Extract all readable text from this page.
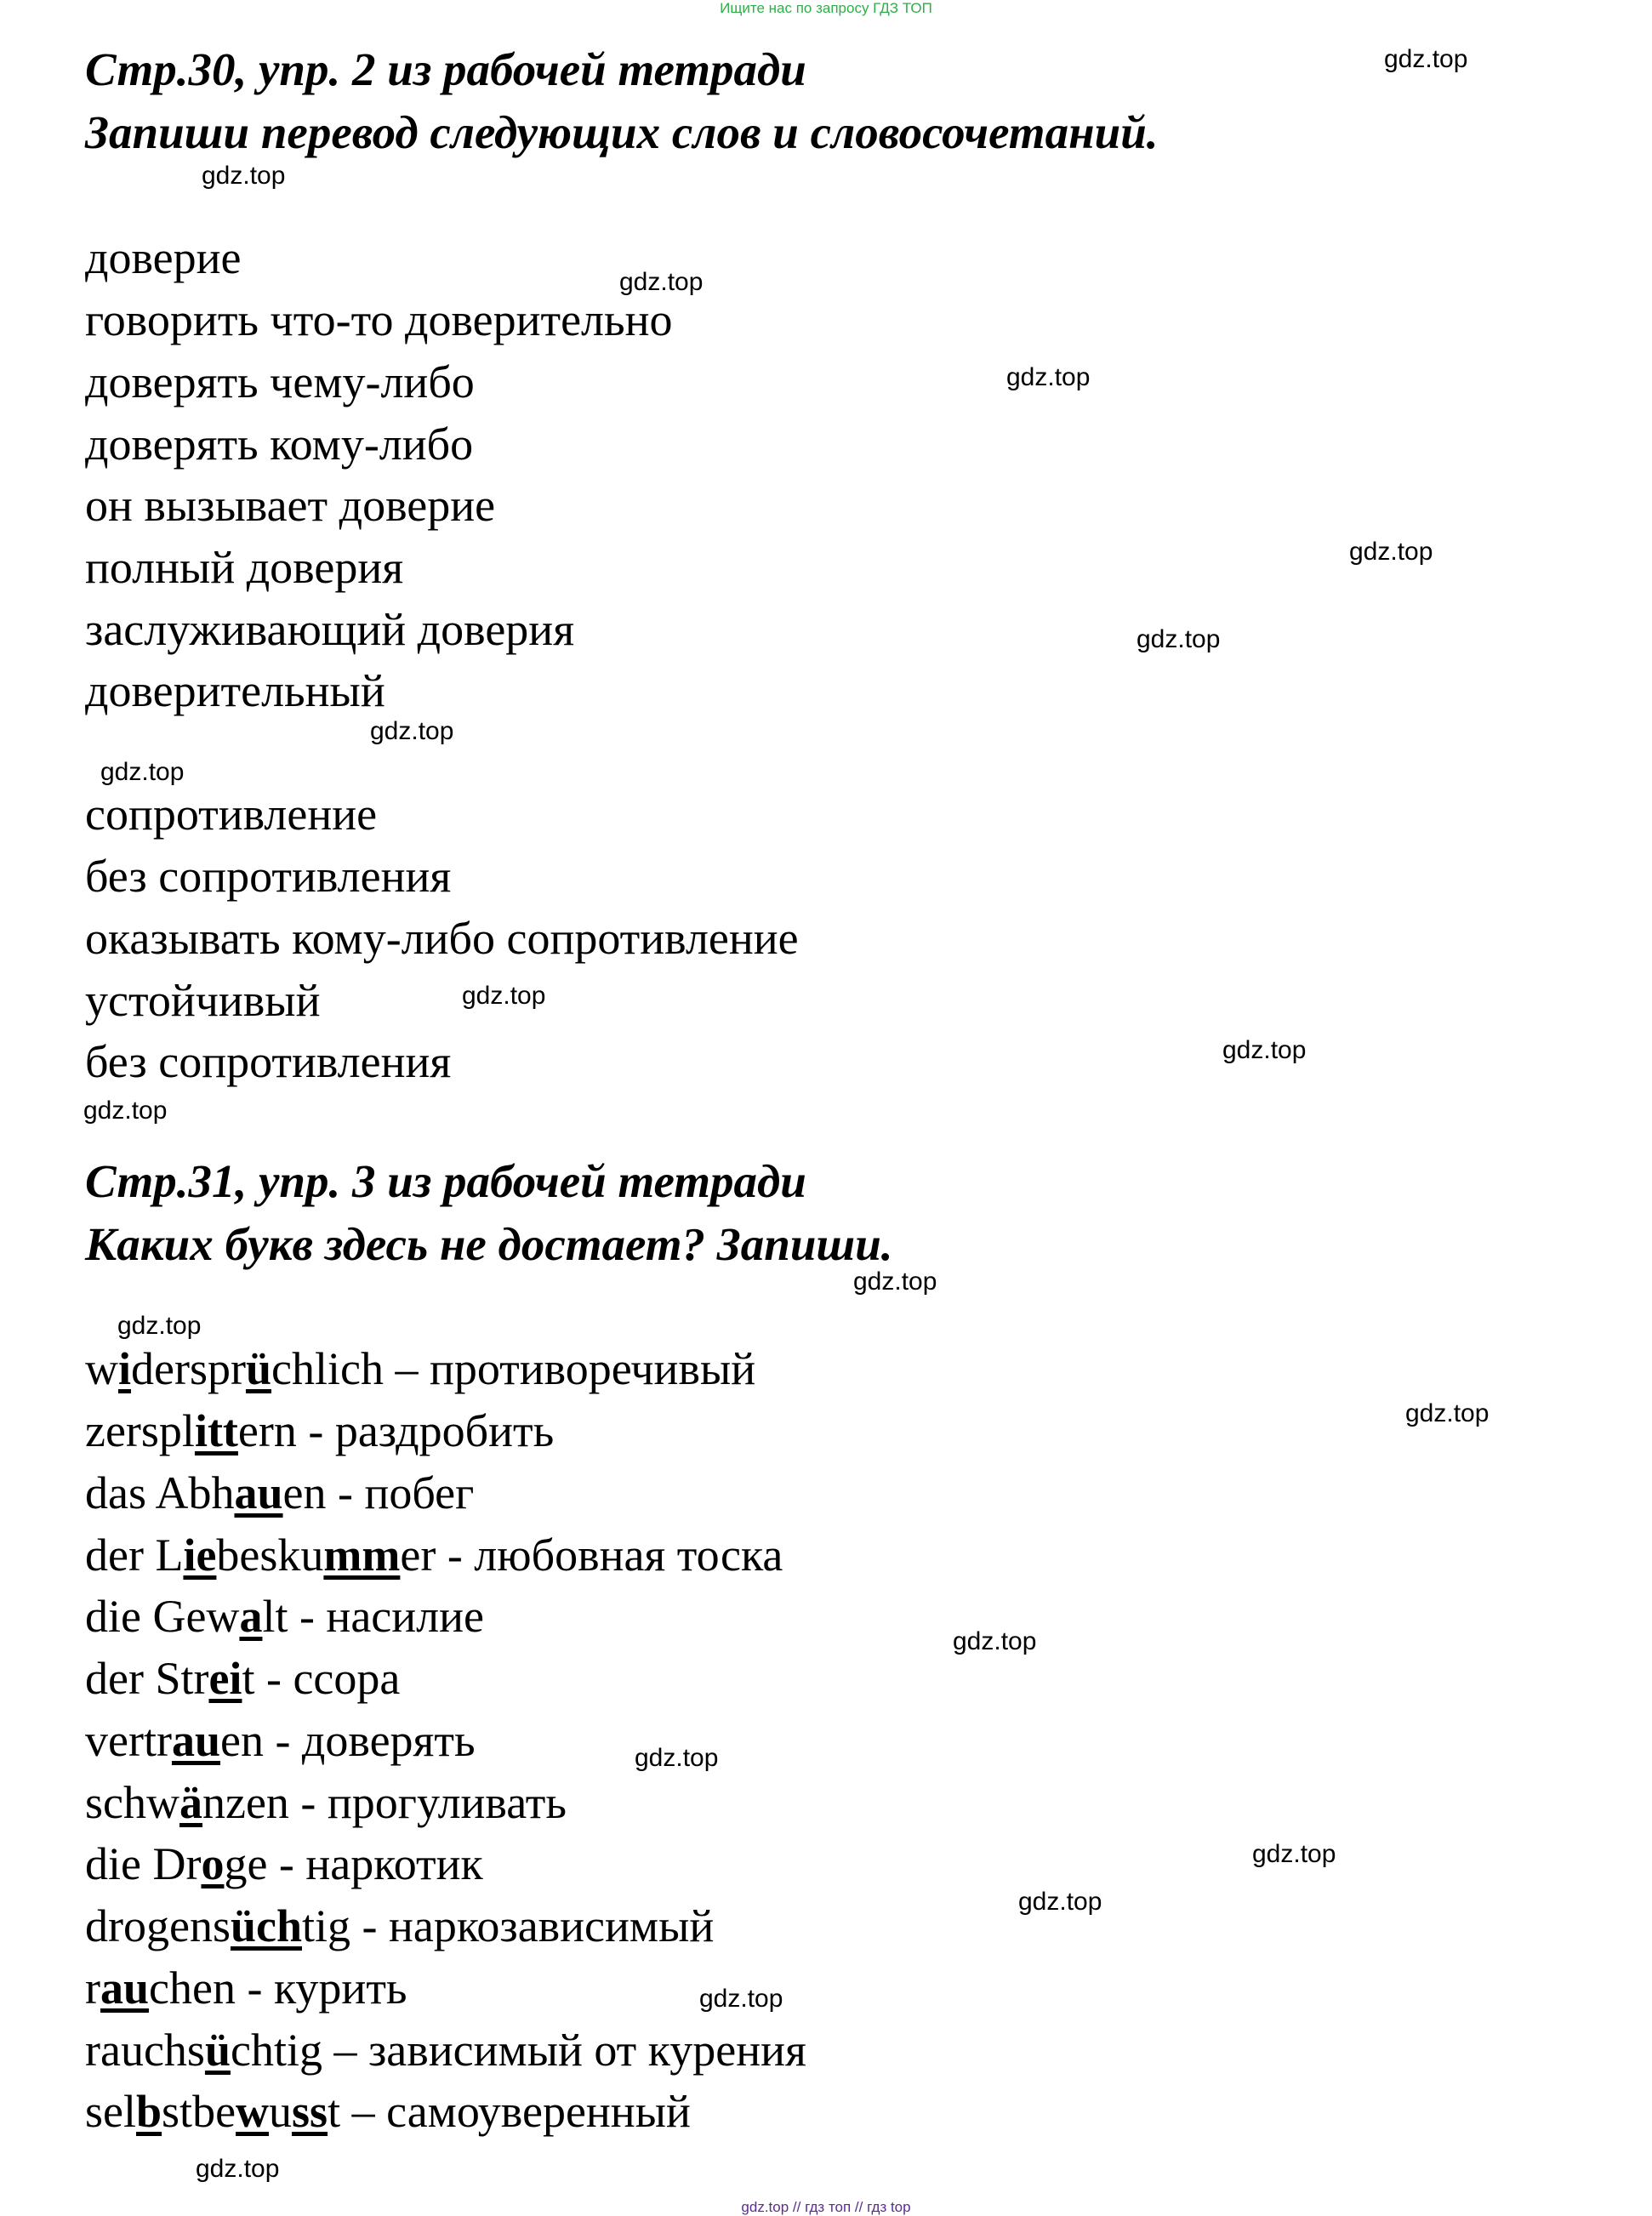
Ищите нас по запросу ГДЗ ТОП
Стр.30, упр. 2 из рабочей тетради
Запиши перевод следующих слов и словосочетаний.
доверие
говорить что-то доверительно
доверять чему-либо
доверять кому-либо
он вызывает доверие
полный доверия
заслуживающий доверия
доверительный
сопротивление
без сопротивления
оказывать кому-либо сопротивление
устойчивый
без сопротивления
Стр.31, упр. 3 из рабочей тетради
Каких букв здесь не достает? Запиши.
widersprüchlich – противоречивый
zersplittern - раздробить
das Abhauen - побег
der Liebeskummer - любовная тоска
die Gewalt - насилие
der Streit - ссора
vertrauen - доверять
schwänzen - прогуливать
die Droge - наркотик
drogensüchtig - наркозависимый
rauchen - курить
rauchsüchtig – зависимый от курения
selbstbewusst – самоуверенный
gdz.top
gdz.top
gdz.top
gdz.top
gdz.top
gdz.top
gdz.top
gdz.top
gdz.top
gdz.top
gdz.top
gdz.top
gdz.top
gdz.top
gdz.top
gdz.top
gdz.top
gdz.top
gdz.top
gdz.top
gdz.top // гдз топ // гдз top
